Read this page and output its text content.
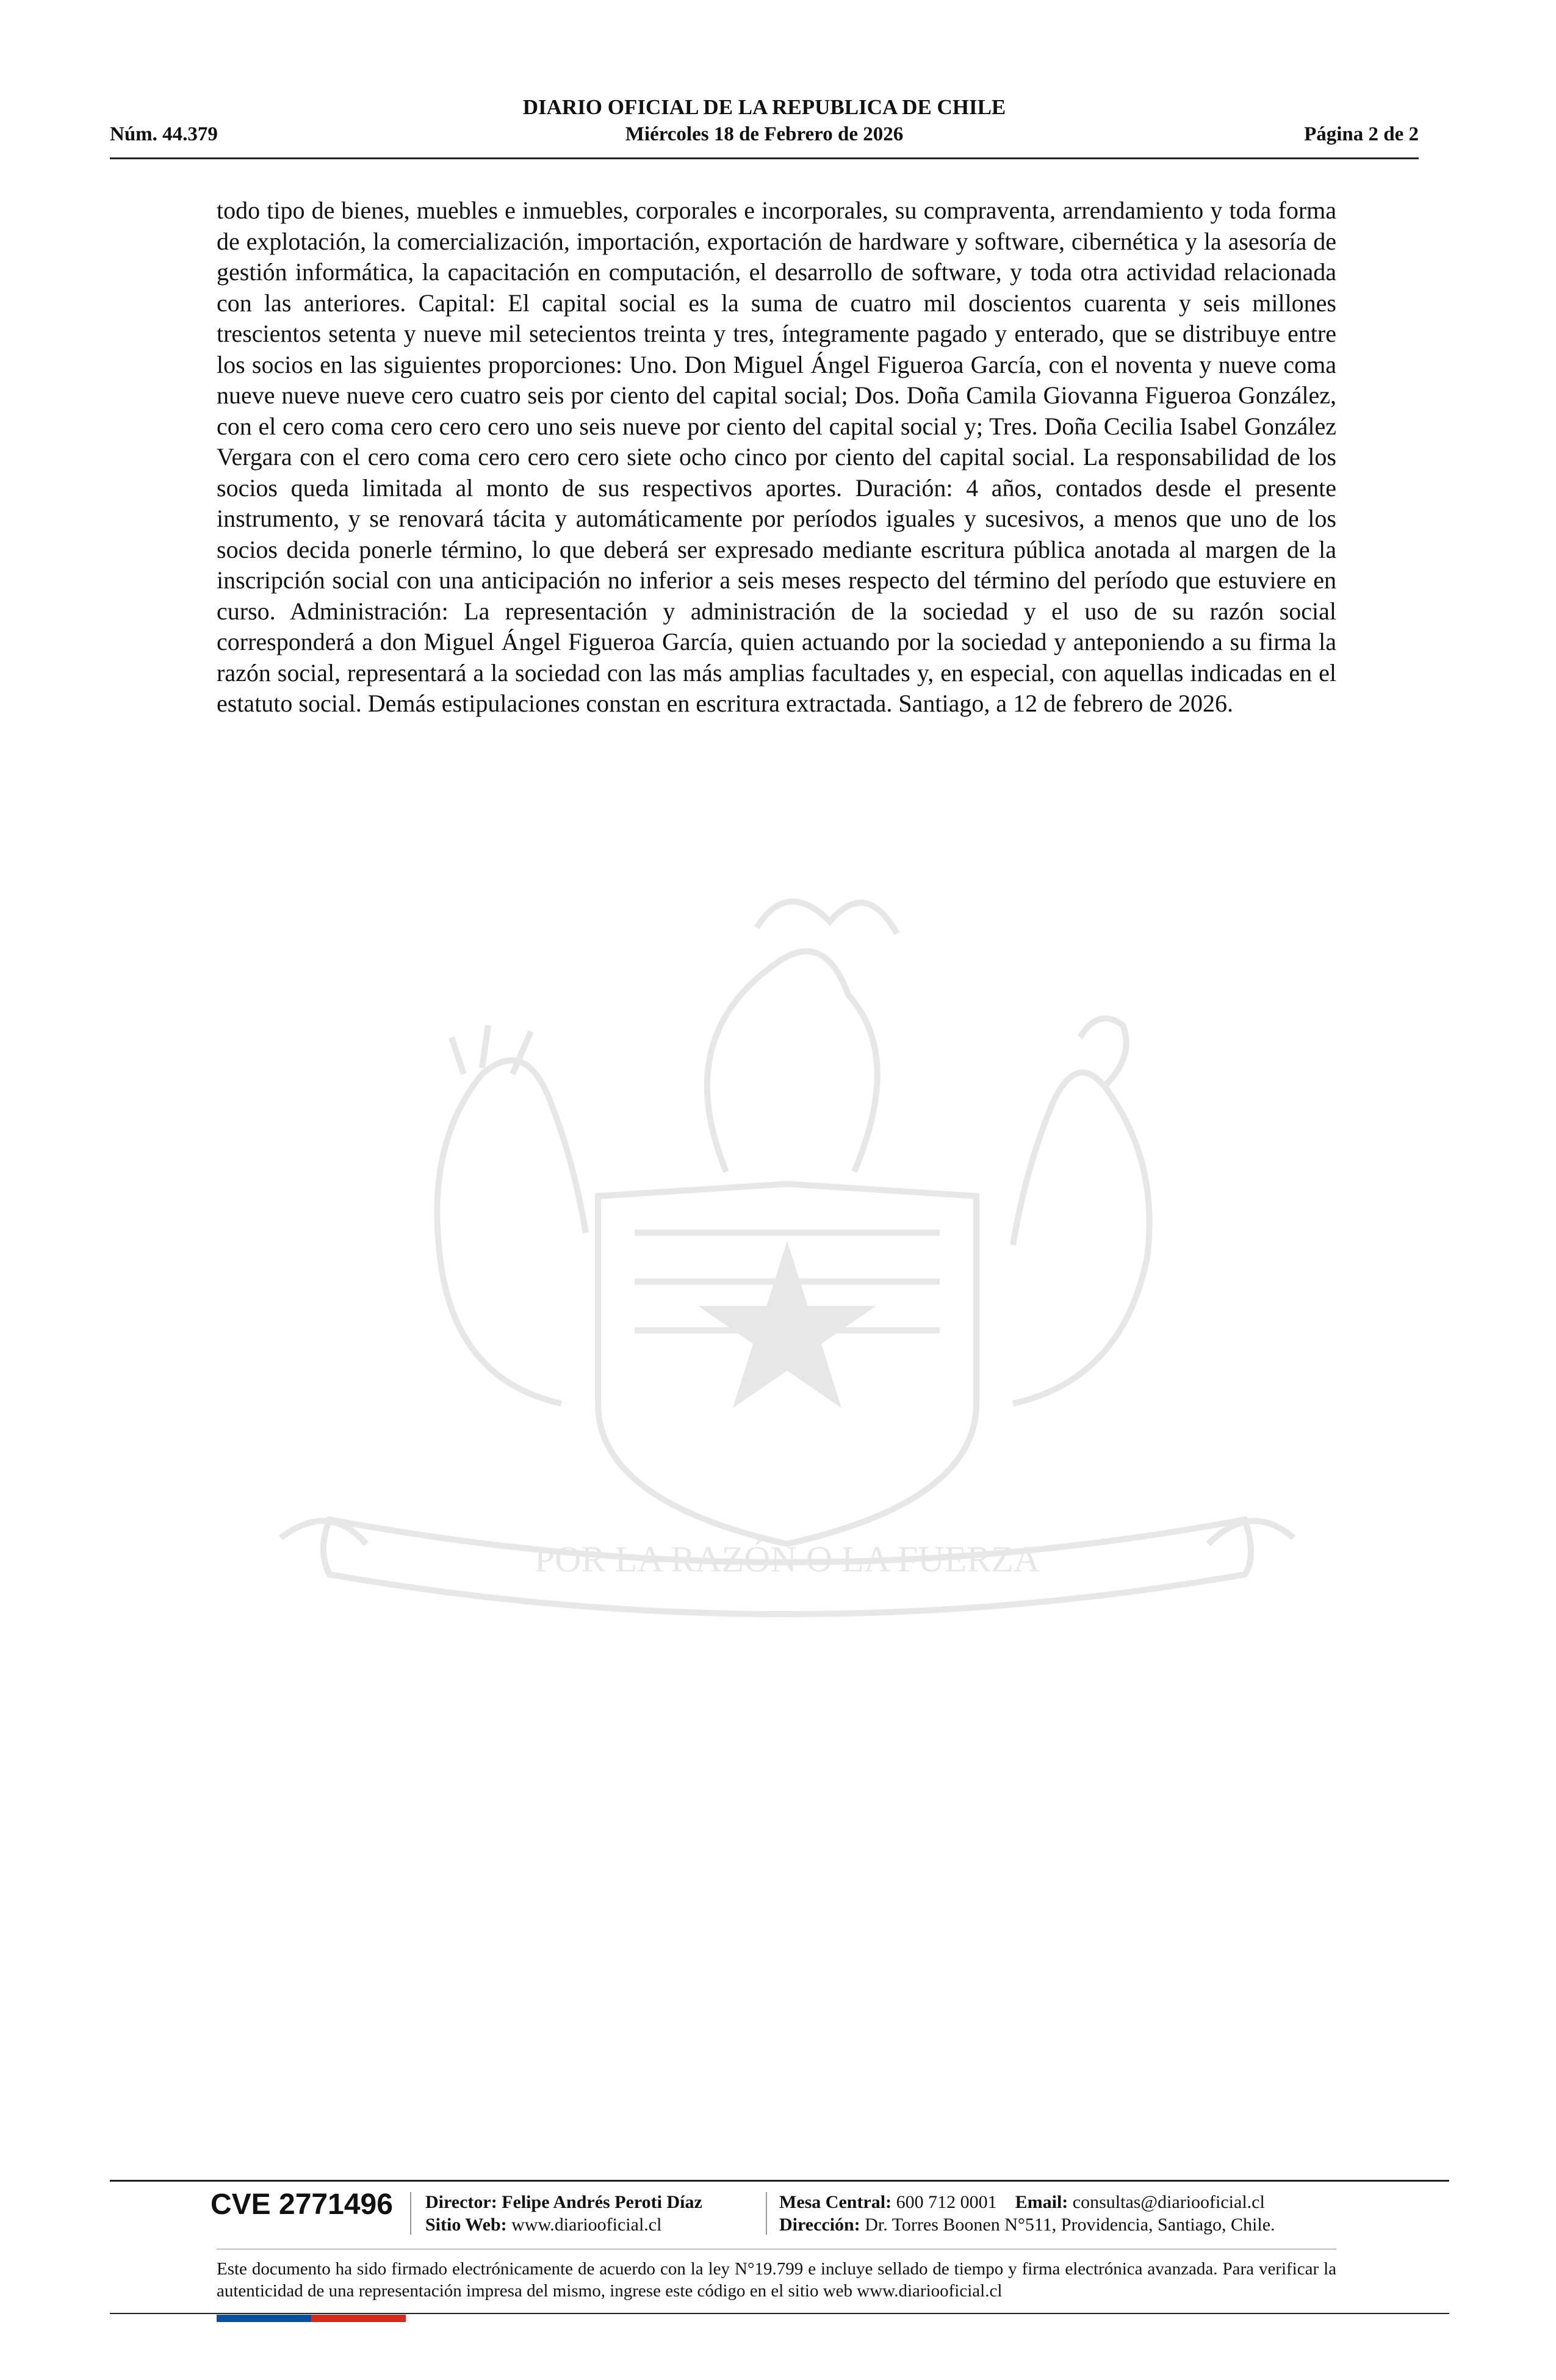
DIARIO OFICIAL DE LA REPUBLICA DE CHILE
Núm. 44.379	Miércoles 18 de Febrero de 2026	Página 2 de 2
POR LA RAZÓN O LA FUERZA
todo tipo de bienes, muebles e inmuebles, corporales e incorporales, su compraventa, arrendamiento y toda forma de explotación, la comercialización, importación, exportación de hardware y software, cibernética y la asesoría de gestión informática, la capacitación en computación, el desarrollo de software, y toda otra actividad relacionada con las anteriores. Capital: El capital social es la suma de cuatro mil doscientos cuarenta y seis millones trescientos setenta y nueve mil setecientos treinta y tres, íntegramente pagado y enterado, que se distribuye entre los socios en las siguientes proporciones: Uno. Don Miguel Ángel Figueroa García, con el noventa y nueve coma nueve nueve nueve cero cuatro seis por ciento del capital social; Dos. Doña Camila Giovanna Figueroa González, con el cero coma cero cero cero uno seis nueve por ciento del capital social y; Tres. Doña Cecilia Isabel González Vergara con el cero coma cero cero cero siete ocho cinco por ciento del capital social. La responsabilidad de los socios queda limitada al monto de sus respectivos aportes. Duración: 4 años, contados desde el presente instrumento, y se renovará tácita y automáticamente por períodos iguales y sucesivos, a menos que uno de los socios decida ponerle término, lo que deberá ser expresado mediante escritura pública anotada al margen de la inscripción social con una anticipación no inferior a seis meses respecto del término del período que estuviere en curso. Administración: La representación y administración de la sociedad y el uso de su razón social corresponderá a don Miguel Ángel Figueroa García, quien actuando por la sociedad y anteponiendo a su firma la razón social, representará a la sociedad con las más amplias facultades y, en especial, con aquellas indicadas en el estatuto social. Demás estipulaciones constan en escritura extractada. Santiago, a 12 de febrero de 2026.
CVE 2771496 Director: Felipe Andrés Peroti Díaz
Sitio Web: www.diariooficial.cl
Mesa Central: 600 712 0001 Email: consultas@diariooficial.cl
Dirección: Dr. Torres Boonen N°511, Providencia, Santiago, Chile.
Este documento ha sido firmado electrónicamente de acuerdo con la ley N°19.799 e incluye sellado de tiempo y firma electrónica avanzada. Para verificar la autenticidad de una representación impresa del mismo, ingrese este código en el sitio web www.diariooficial.cl
